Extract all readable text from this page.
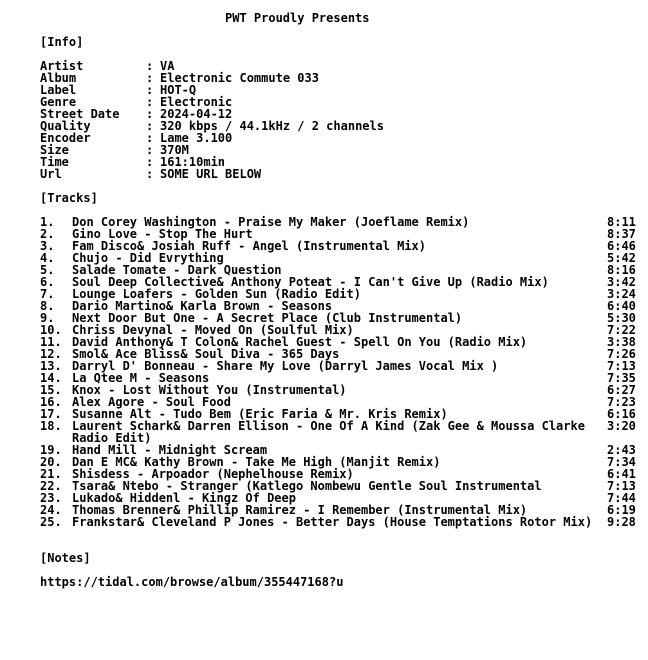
PWT Proudly Presents
[Info]
Artist	: VA
Album	: Electronic Commute 033
Label	: HOT-Q
Genre	: Electronic
Street Date	: 2024-04-12
Quality	: 320 kbps / 44.1kHz / 2 channels
Encoder	: Lame 3.100
Size	: 370M
Time	: 161:10min
Url	: SOME URL BELOW
[Tracks]
1. Don Corey Washington - Praise My Maker (Joeflame Remix)	8:11
2. Gino Love - Stop The Hurt	8:37
3. Fam Disco& Josiah Ruff - Angel (Instrumental Mix)	6:46
4. Chujo - Did Evrything	5:42
5. Salade Tomate - Dark Question	8:16
6. Soul Deep Collective& Anthony Poteat - I Can't Give Up (Radio Mix)	3:42
7. Lounge Loafers - Golden Sun (Radio Edit)	3:24
8. Dario Martino& Karla Brown - Seasons	6:40
9. Next Door But One - A Secret Place (Club Instrumental)	5:30
10. Chriss Devynal - Moved On (Soulful Mix)	7:22
11. David Anthony& T Colon& Rachel Guest - Spell On You (Radio Mix)	3:38
12. Smol& Ace Bliss& Soul Diva - 365 Days	7:26
13. Darryl D' Bonneau - Share My Love (Darryl James Vocal Mix )	7:13
14. La Qtee M - Seasons	7:35
15. Knox - Lost Without You (Instrumental)	6:27
16. Alex Agore - Soul Food	7:23
17. Susanne Alt - Tudo Bem (Eric Faria & Mr. Kris Remix)	6:16
18. Laurent Schark& Darren Ellison - One Of A Kind (Zak Gee & Moussa Clarke Radio Edit)
3:20
19. Hand Mill - Midnight Scream	2:43
20. Dan E MC& Kathy Brown - Take Me High (Manjit Remix)	7:34
21. Shisdess - Arpoador (Nephelhouse Remix)	6:41
22. Tsara& Ntebo - Stranger (Katlego Nombewu Gentle Soul Instrumental	7:13
23. Lukado& Hiddenl - Kingz Of Deep	7:44
24. Thomas Brenner& Phillip Ramirez - I Remember (Instrumental Mix)	6:19
25. Frankstar& Cleveland P Jones - Better Days (House Temptations Rotor Mix)	9:28
[Notes]
https://tidal.com/browse/album/355447168?u
